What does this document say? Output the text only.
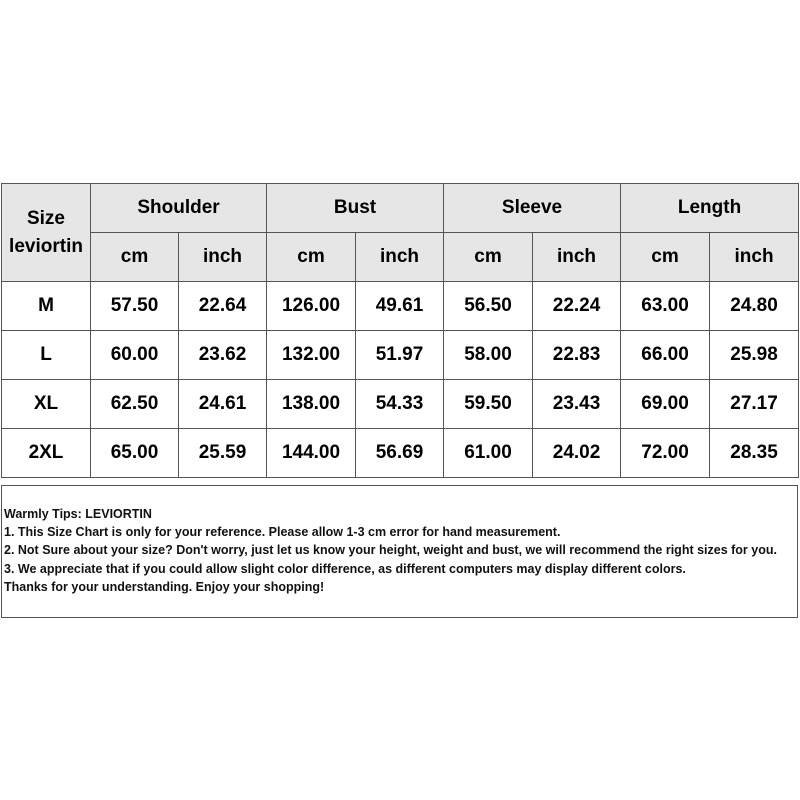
Size
leviortin	Shoulder		Bust		Sleeve		Length	
	cm	inch	cm	inch	cm	inch	cm	inch
M	57.50	22.64	126.00	49.61	56.50	22.24	63.00	24.80
L	60.00	23.62	132.00	51.97	58.00	22.83	66.00	25.98
XL	62.50	24.61	138.00	54.33	59.50	23.43	69.00	27.17
2XL	65.00	25.59	144.00	56.69	61.00	24.02	72.00	28.35
Warmly Tips: LEVIORTIN
1. This Size Chart is only for your reference. Please allow 1-3 cm error for hand measurement.
2. Not Sure about your size? Don't worry, just let us know your height, weight and bust, we will recommend the right sizes for you.
3. We appreciate that if you could allow slight color difference, as different computers may display different colors.
Thanks for your understanding. Enjoy your shopping!
